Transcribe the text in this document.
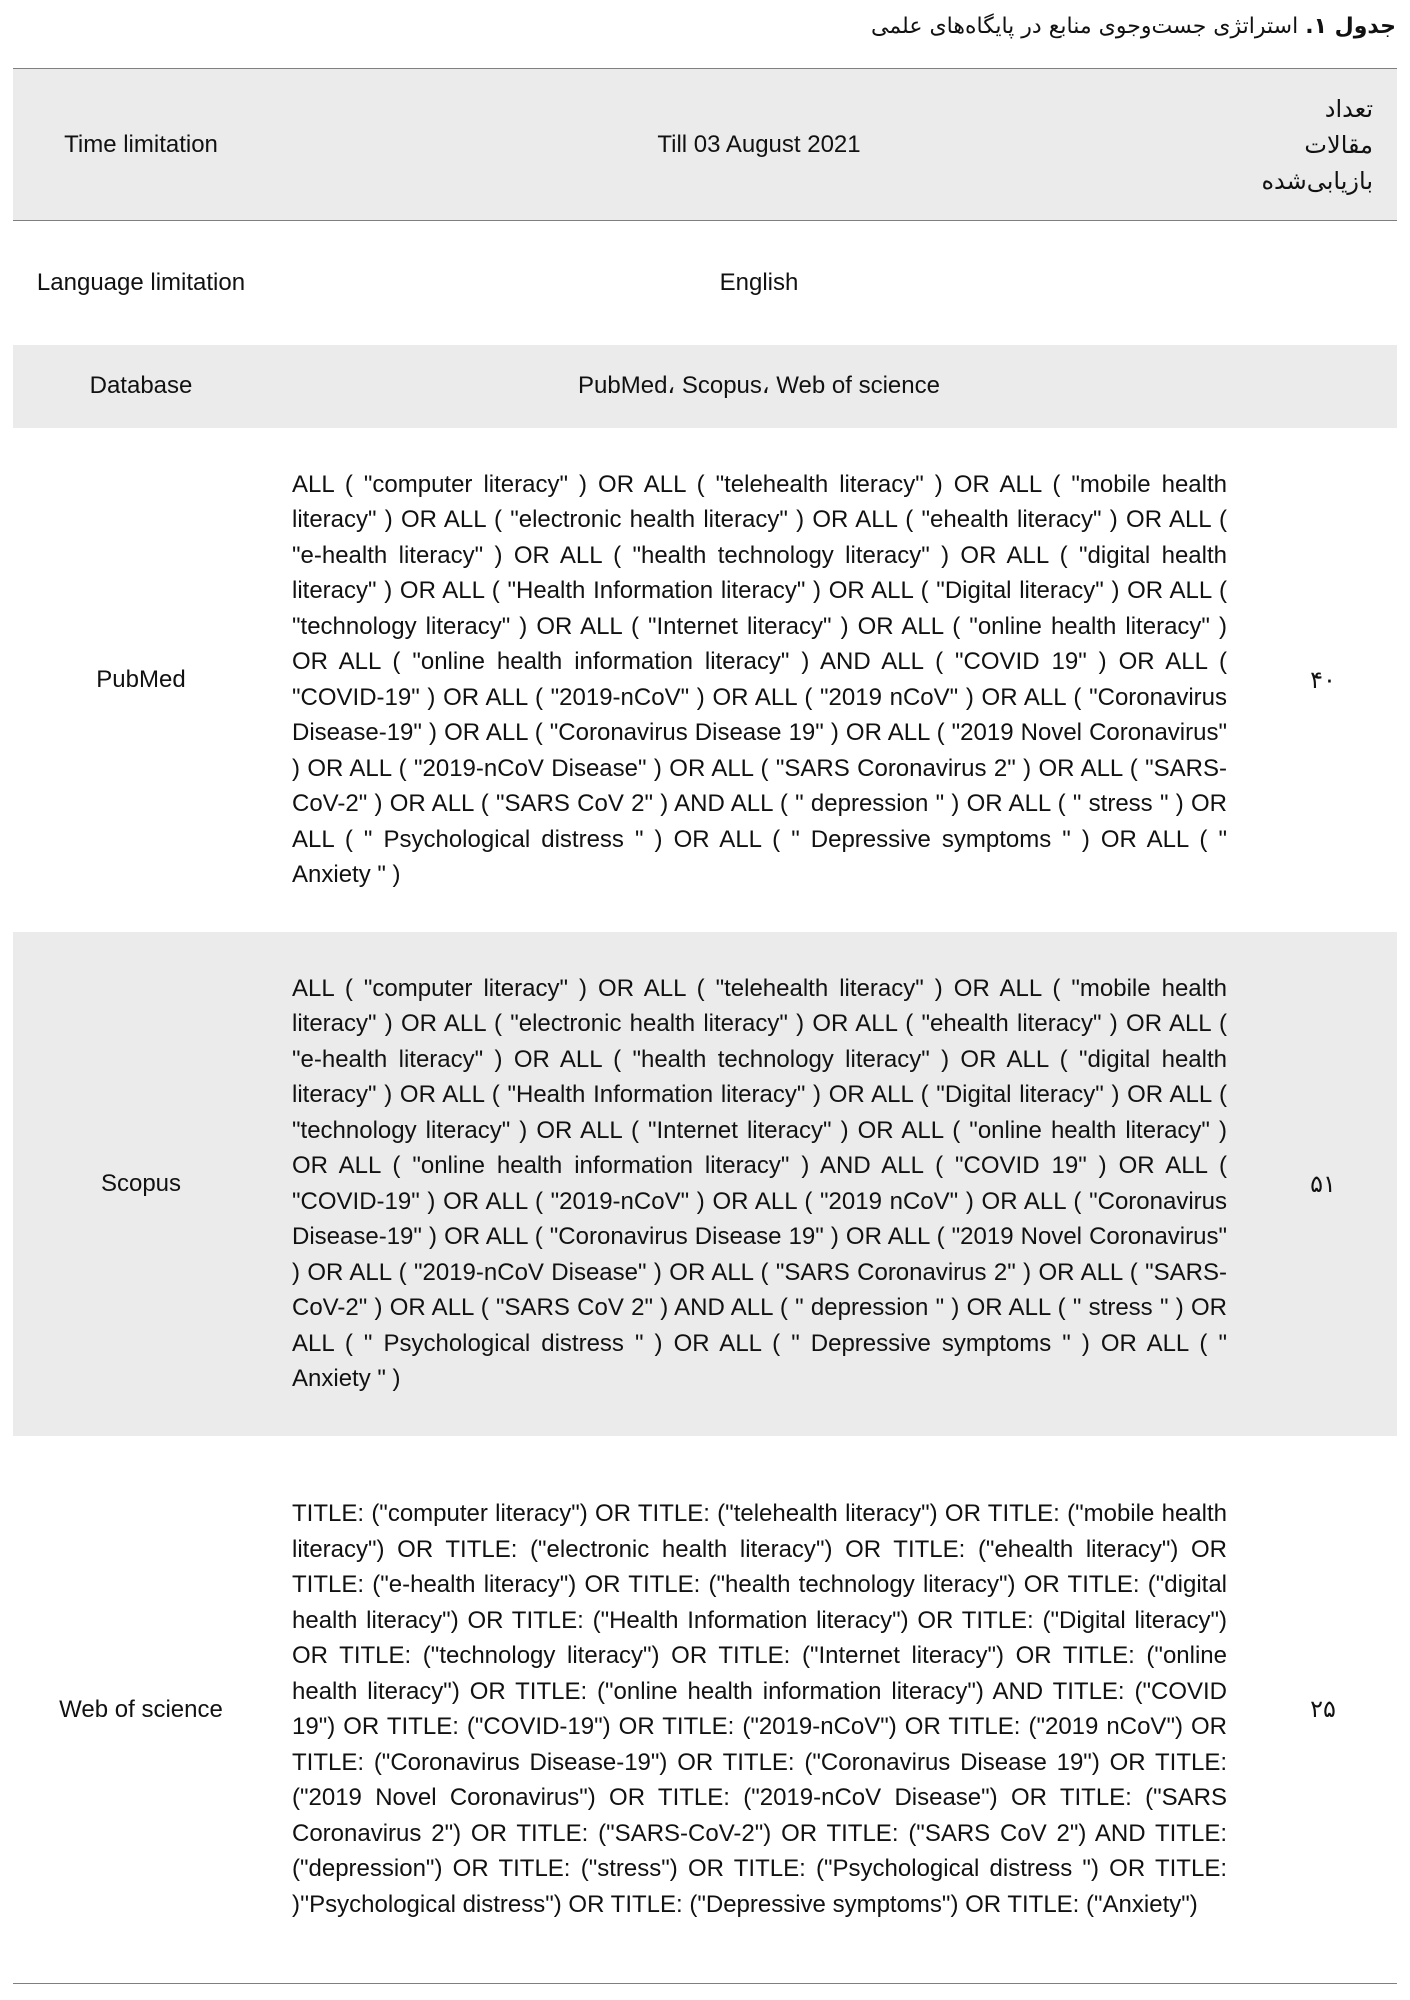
جدول ۱. استراتژی جست‌وجوی منابع در پایگاه‌های علمی
Time limitation	Till 03 August 2021	تعداد مقالات بازیابی‌شده
Language limitation	English	
Database	PubMed، Scopus، Web of science	
PubMed	ALL ( "computer literacy" ) OR ALL ( "telehealth literacy" ) OR ALL ( "mobile health literacy" ) OR ALL ( "electronic health literacy" ) OR ALL ( "ehealth literacy" ) OR ALL ( "e-health literacy" ) OR ALL ( "health technology literacy" ) OR ALL ( "digital health literacy" ) OR ALL ( "Health Information literacy" ) OR ALL ( "Digital literacy" ) OR ALL ( "technology literacy" ) OR ALL ( "Internet literacy" ) OR ALL ( "online health literacy" ) OR ALL ( "online health information literacy" ) AND ALL ( "COVID 19" ) OR ALL ( "COVID-19" ) OR ALL ( "2019-nCoV" ) OR ALL ( "2019 nCoV" ) OR ALL ( "Coronavirus Disease-19" ) OR ALL ( "Coronavirus Disease 19" ) OR ALL ( "2019 Novel Coronavirus" ) OR ALL ( "2019-nCoV Disease" ) OR ALL ( "SARS Coronavirus 2" ) OR ALL ( "SARS-CoV-2" ) OR ALL ( "SARS CoV 2" ) AND ALL ( " depression " ) OR ALL ( " stress " ) OR ALL ( " Psychological distress " ) OR ALL ( " Depressive symptoms " ) OR ALL ( " Anxiety " )	۴۰
Scopus	ALL ( "computer literacy" ) OR ALL ( "telehealth literacy" ) OR ALL ( "mobile health literacy" ) OR ALL ( "electronic health literacy" ) OR ALL ( "ehealth literacy" ) OR ALL ( "e-health literacy" ) OR ALL ( "health technology literacy" ) OR ALL ( "digital health literacy" ) OR ALL ( "Health Information literacy" ) OR ALL ( "Digital literacy" ) OR ALL ( "technology literacy" ) OR ALL ( "Internet literacy" ) OR ALL ( "online health literacy" ) OR ALL ( "online health information literacy" ) AND ALL ( "COVID 19" ) OR ALL ( "COVID-19" ) OR ALL ( "2019-nCoV" ) OR ALL ( "2019 nCoV" ) OR ALL ( "Coronavirus Disease-19" ) OR ALL ( "Coronavirus Disease 19" ) OR ALL ( "2019 Novel Coronavirus" ) OR ALL ( "2019-nCoV Disease" ) OR ALL ( "SARS Coronavirus 2" ) OR ALL ( "SARS-CoV-2" ) OR ALL ( "SARS CoV 2" ) AND ALL ( " depression " ) OR ALL ( " stress " ) OR ALL ( " Psychological distress " ) OR ALL ( " Depressive symptoms " ) OR ALL ( " Anxiety " )	۵۱
Web of science	TITLE: ("computer literacy") OR TITLE: ("telehealth literacy") OR TITLE: ("mobile health literacy") OR TITLE: ("electronic health literacy") OR TITLE: ("ehealth literacy") OR TITLE: ("e-health literacy") OR TITLE: ("health technology literacy") OR TITLE: ("digital health literacy") OR TITLE: ("Health Information literacy") OR TITLE: ("Digital literacy") OR TITLE: ("technology literacy") OR TITLE: ("Internet literacy") OR TITLE: ("online health literacy") OR TITLE: ("online health information literacy") AND TITLE: ("COVID 19") OR TITLE: ("COVID-19") OR TITLE: ("2019-nCoV") OR TITLE: ("2019 nCoV") OR TITLE: ("Coronavirus Disease-19") OR TITLE: ("Coronavirus Disease 19") OR TITLE: ("2019 Novel Coronavirus") OR TITLE: ("2019-nCoV Disease") OR TITLE: ("SARS Coronavirus 2") OR TITLE: ("SARS-CoV-2") OR TITLE: ("SARS CoV 2") AND TITLE: ("depression") OR TITLE: ("stress") OR TITLE: ("Psychological distress ") OR TITLE: )''Psychological distress") OR TITLE: ("Depressive symptoms") OR TITLE: ("Anxiety")	۲۵
